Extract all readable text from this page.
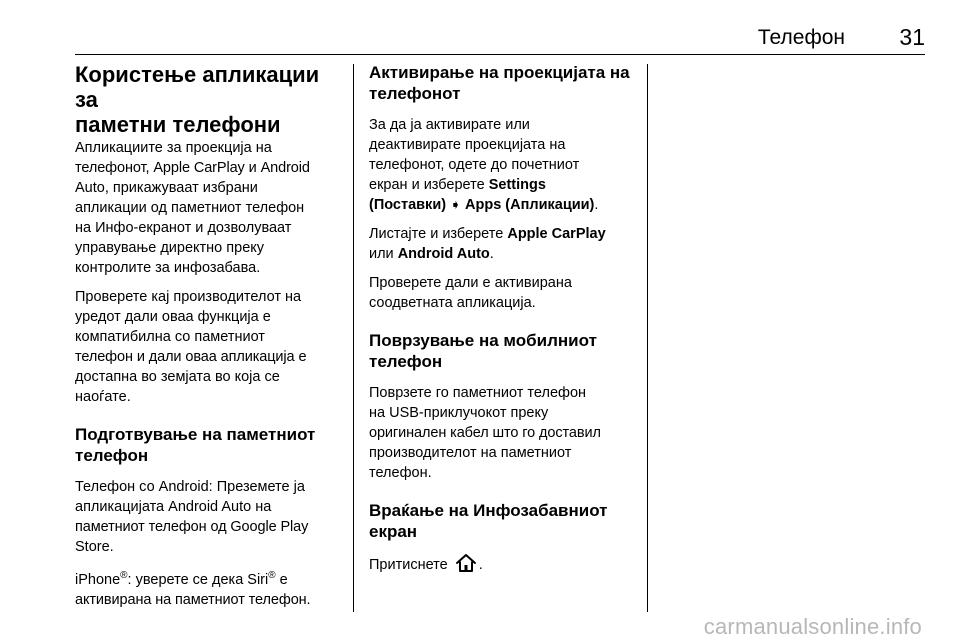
Телефон 31
Користење апликации за
паметни телефони

Апликациите за проекција на
телефонот, Apple CarPlay и Android
Auto, прикажуваат избрани
апликации од паметниот телефон
на Инфо-екранот и дозволуваат
управување директно преку
контролите за инфозабава.

Проверете кај производителот на
уредот дали оваа функција е
компатибилна со паметниот
телефон и дали оваа апликација е
достапна во земјата во која се
наоѓате.

Подготвување на паметниот
телефон

Телефон со Android: Преземете ја
апликацијата Android Auto на
паметниот телефон од Google Play
Store.

iPhone®: уверете се дека Siri® е
активирана на паметниот телефон.

Активирање на проекцијата на
телефонот

За да ја активирате или
деактивирате проекцијата на
телефонот, одете до почетниот
екран и изберете Settings
(Поставки) ➧ Apps (Апликации).

Листајте и изберете Apple CarPlay
или Android Auto.

Проверете дали е активирана
соодветната апликација.

Поврзување на мобилниот
телефон

Поврзете го паметниот телефон
на USB-приклучокот преку
оригинален кабел што го доставил
производителот на паметниот
телефон.

Враќање на Инфозабавниот
екран

Притиснете .

carmanualsonline.info
